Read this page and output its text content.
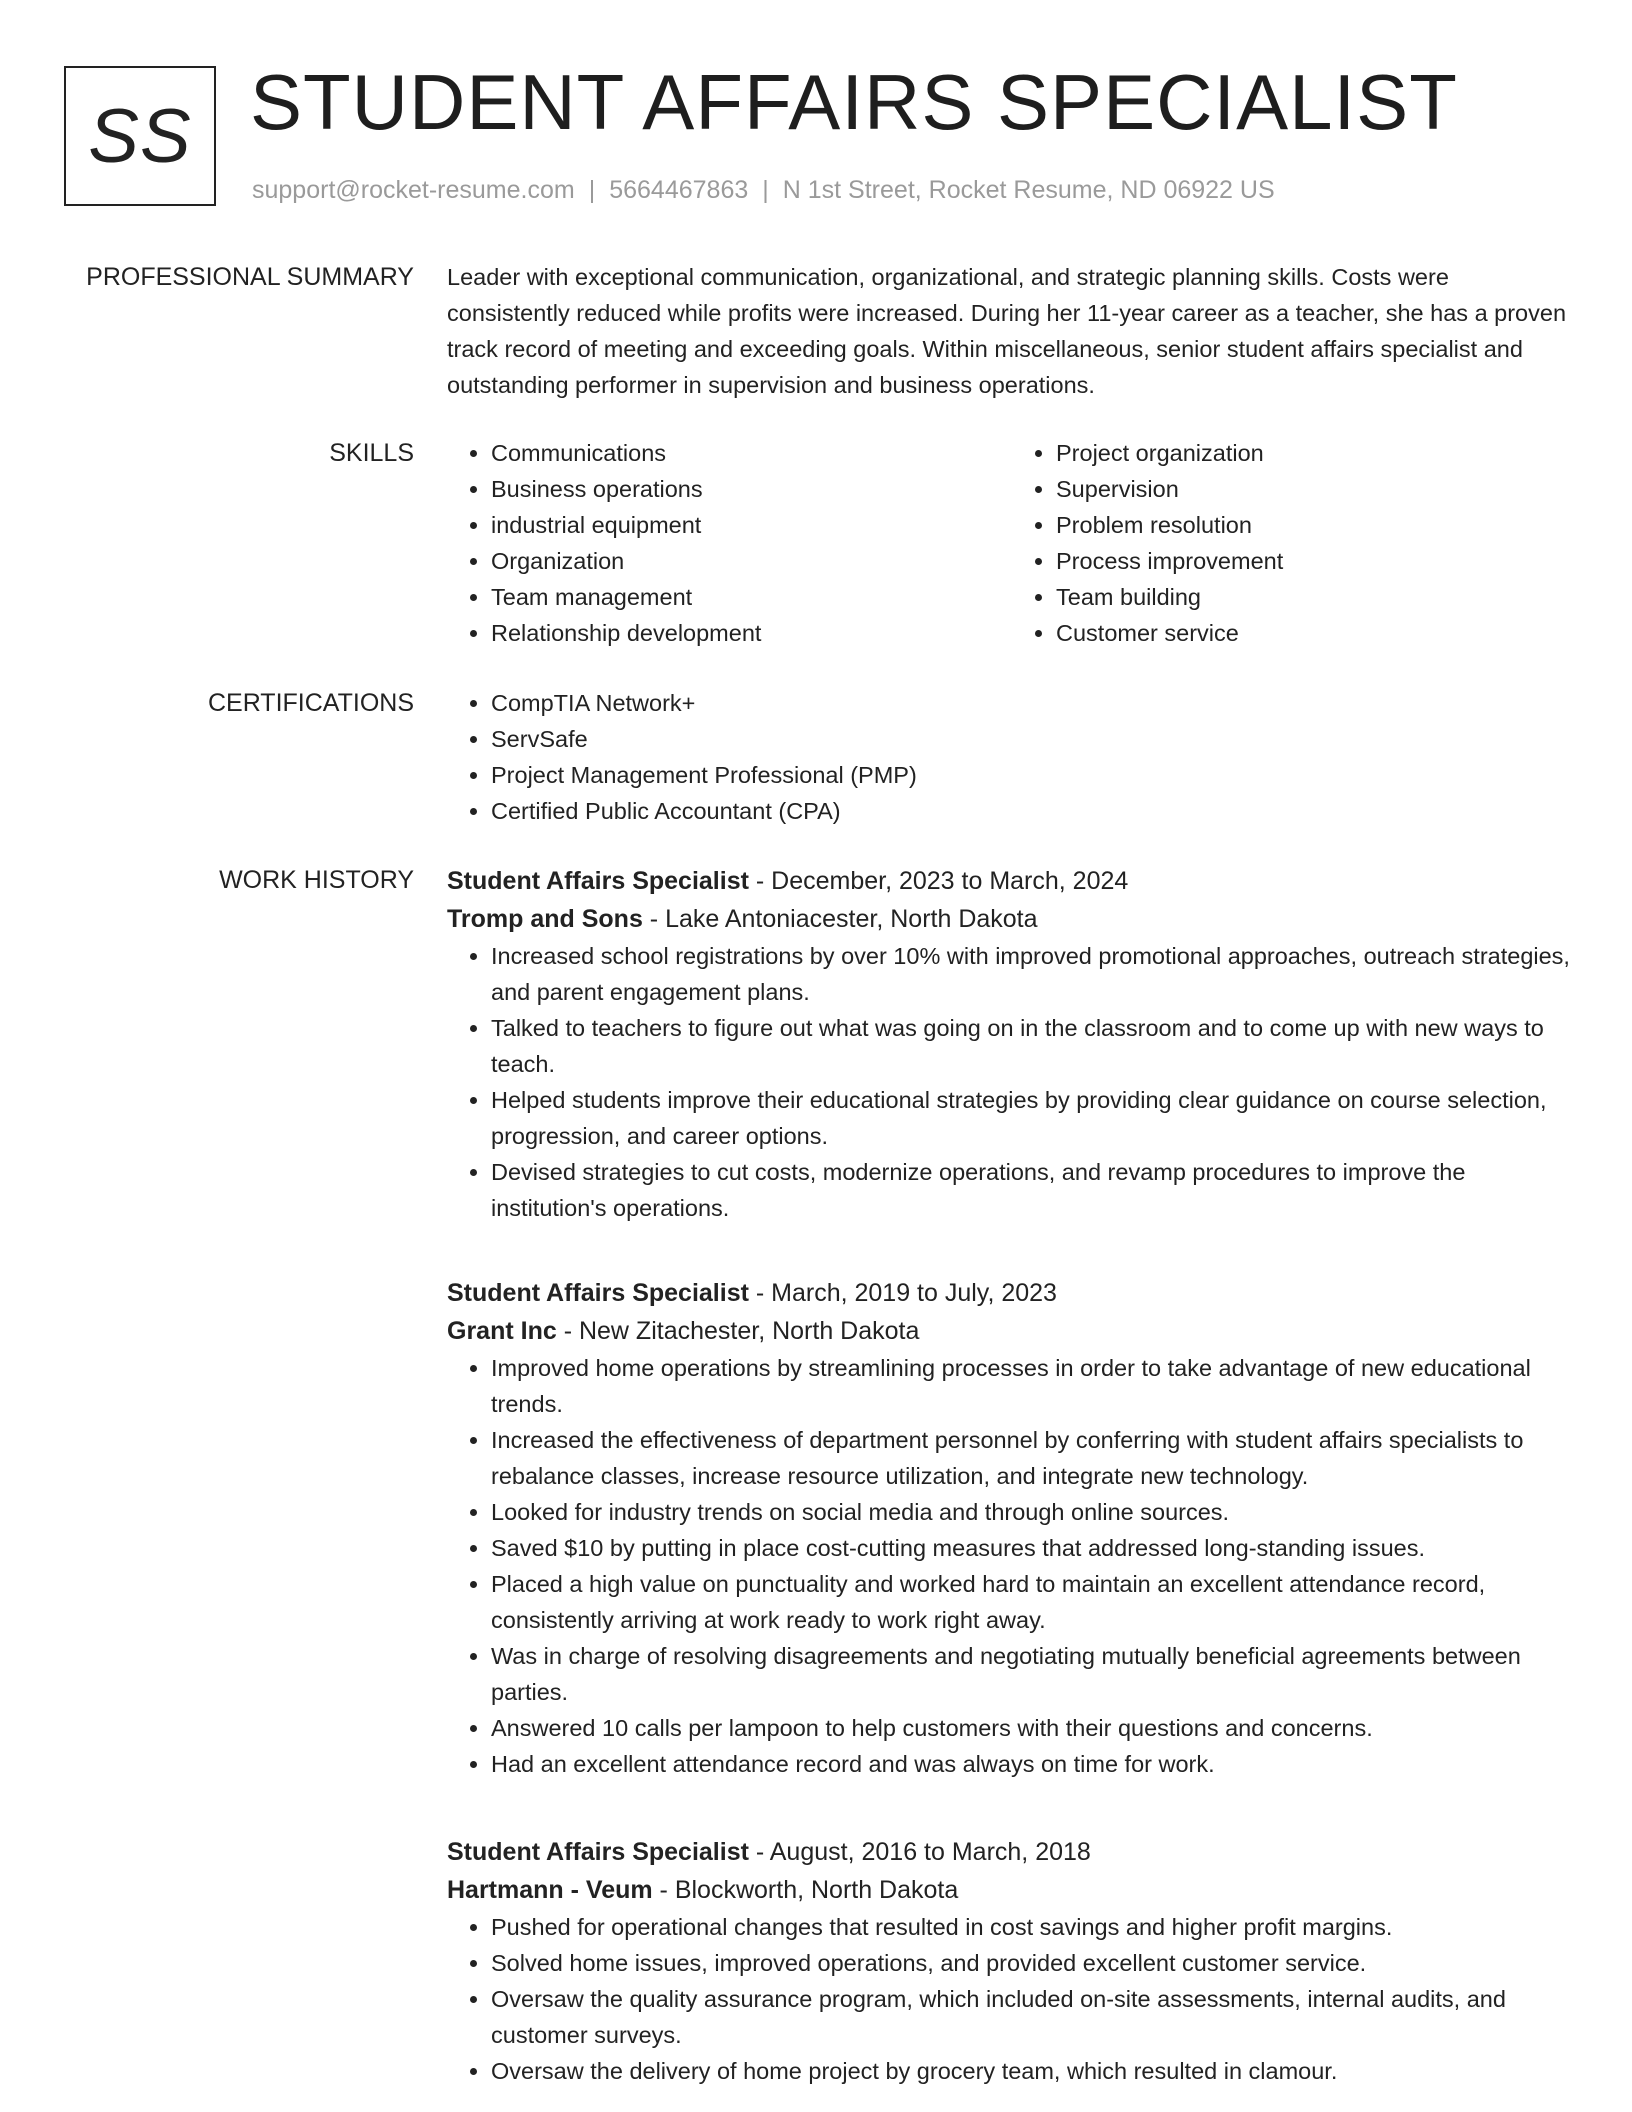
SS STUDENT AFFAIRS SPECIALIST
support@rocket-resume.com | 5664467863 | N 1st Street, Rocket Resume, ND 06922 US
PROFESSIONAL SUMMARY Leader with exceptional communication, organizational, and strategic planning skills. Costs were consistently reduced while profits were increased. During her 11-year career as a teacher, she has a proven track record of meeting and exceeding goals. Within miscellaneous, senior student affairs specialist and outstanding performer in supervision and business operations.

SKILLS	• Communications
• Business operations
• industrial equipment
• Organization
• Team management
• Relationship development
• Project organization
• Supervision
• Problem resolution
• Process improvement
• Team building
• Customer service
CERTIFICATIONS	• CompTIA Network+
• ServSafe
• Project Management Professional (PMP)
• Certified Public Accountant (CPA)
WORK HISTORY Student Affairs Specialist - December, 2023 to March, 2024

Tromp and Sons - Lake Antoniacester, North Dakota

• Increased school registrations by over 10% with improved promotional approaches, outreach strategies, and parent engagement plans.
• Talked to teachers to figure out what was going on in the classroom and to come up with new ways to teach.
• Helped students improve their educational strategies by providing clear guidance on course selection, progression, and career options.
• Devised strategies to cut costs, modernize operations, and revamp procedures to improve the institution's operations.

Student Affairs Specialist - March, 2019 to July, 2023

Grant Inc - New Zitachester, North Dakota

• Improved home operations by streamlining processes in order to take advantage of new educational trends.
• Increased the effectiveness of department personnel by conferring with student affairs specialists to rebalance classes, increase resource utilization, and integrate new technology.
• Looked for industry trends on social media and through online sources.
• Saved $10 by putting in place cost-cutting measures that addressed long-standing issues.
• Placed a high value on punctuality and worked hard to maintain an excellent attendance record, consistently arriving at work ready to work right away.
• Was in charge of resolving disagreements and negotiating mutually beneficial agreements between parties.
• Answered 10 calls per lampoon to help customers with their questions and concerns.
• Had an excellent attendance record and was always on time for work.

Student Affairs Specialist - August, 2016 to March, 2018

Hartmann - Veum - Blockworth, North Dakota

• Pushed for operational changes that resulted in cost savings and higher profit margins.
• Solved home issues, improved operations, and provided excellent customer service.
• Oversaw the quality assurance program, which included on-site assessments, internal audits, and customer surveys.
• Oversaw the delivery of home project by grocery team, which resulted in clamour.
